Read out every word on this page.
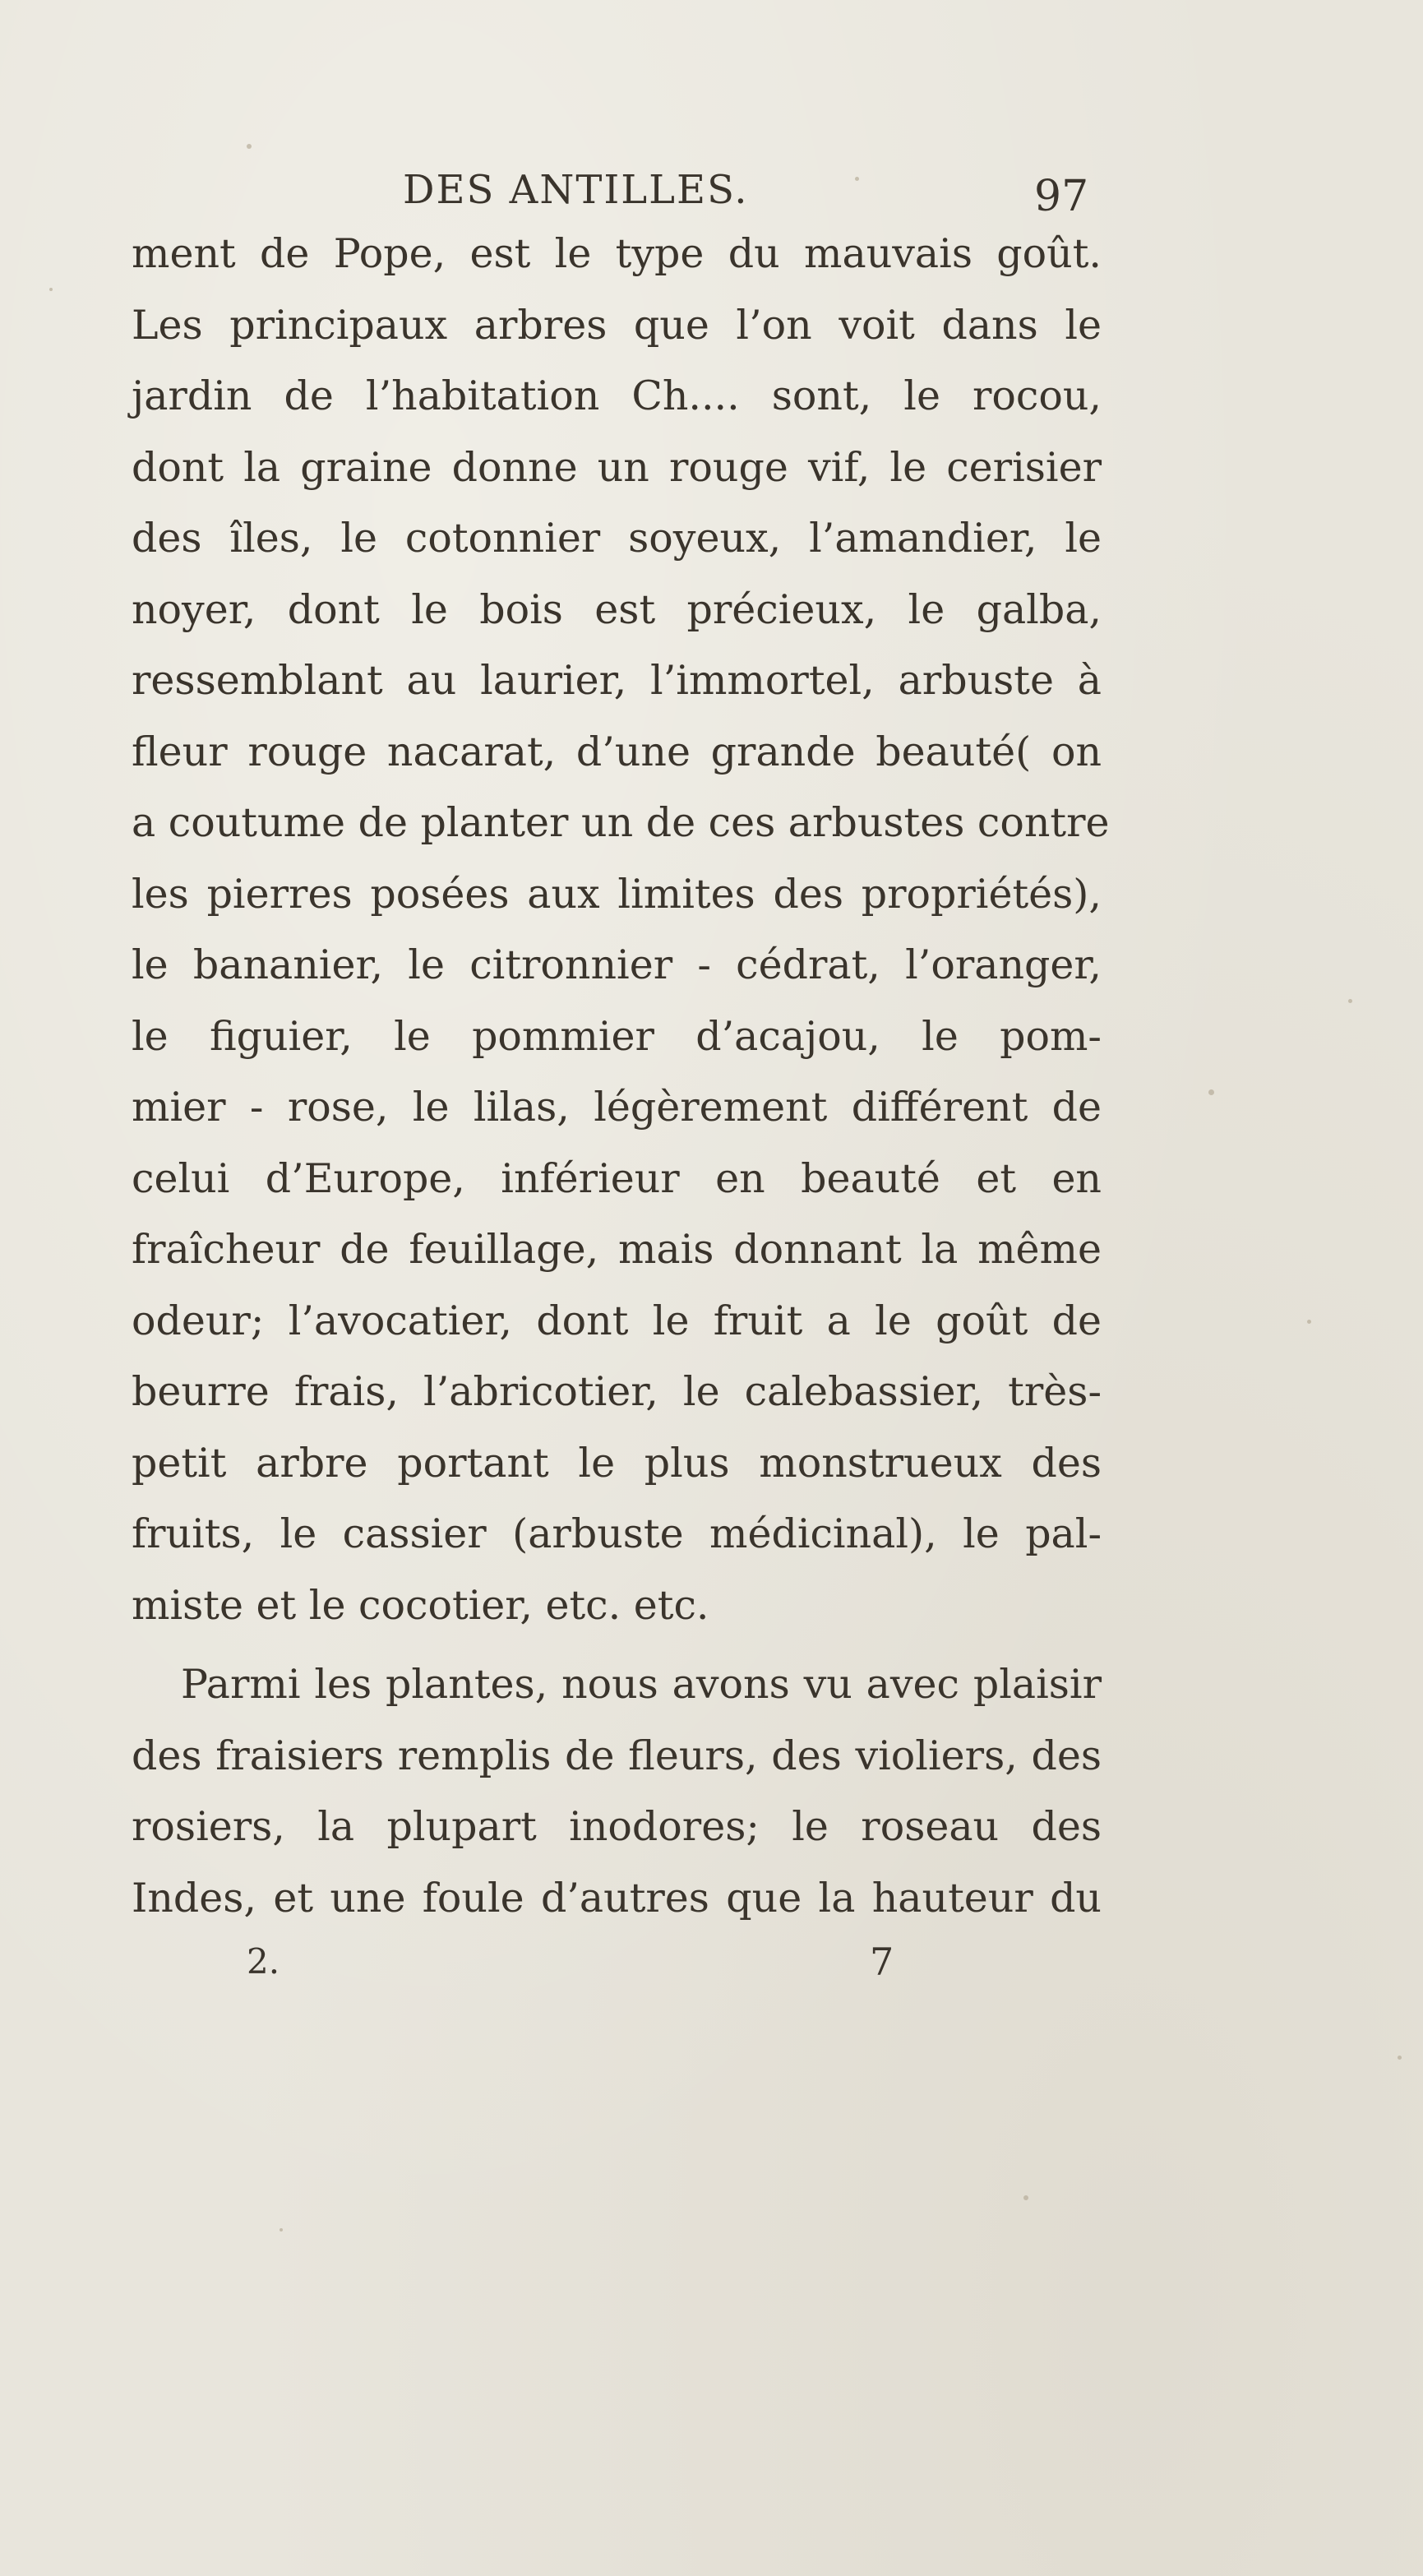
DES ANTILLES.	97
ment de Pope, est le type du mauvais goût.
Les principaux arbres que l’on voit dans le
jardin de l’habitation Ch.... sont, le rocou,
dont la graine donne un rouge vif, le cerisier
des îles, le cotonnier soyeux, l’amandier, le
noyer, dont le bois est précieux, le galba,
ressemblant au laurier, l’immortel, arbuste à
fleur rouge nacarat, d’une grande beauté( on
a coutume de planter un de ces arbustes contre
les pierres posées aux limites des propriétés),
le bananier, le citronnier - cédrat, l’oranger,
le figuier, le pommier d’acajou, le pom-
mier - rose, le lilas, légèrement différent de
celui d’Europe, inférieur en beauté et en
fraîcheur de feuillage, mais donnant la même
odeur; l’avocatier, dont le fruit a le goût de
beurre frais, l’abricotier, le calebassier, très-
petit arbre portant le plus monstrueux des
fruits, le cassier (arbuste médicinal), le pal-
miste et le cocotier, etc. etc.
Parmi les plantes, nous avons vu avec plaisir
des fraisiers remplis de fleurs, des violiers, des
rosiers, la plupart inodores; le roseau des
Indes, et une foule d’autres que la hauteur du
2.	7
